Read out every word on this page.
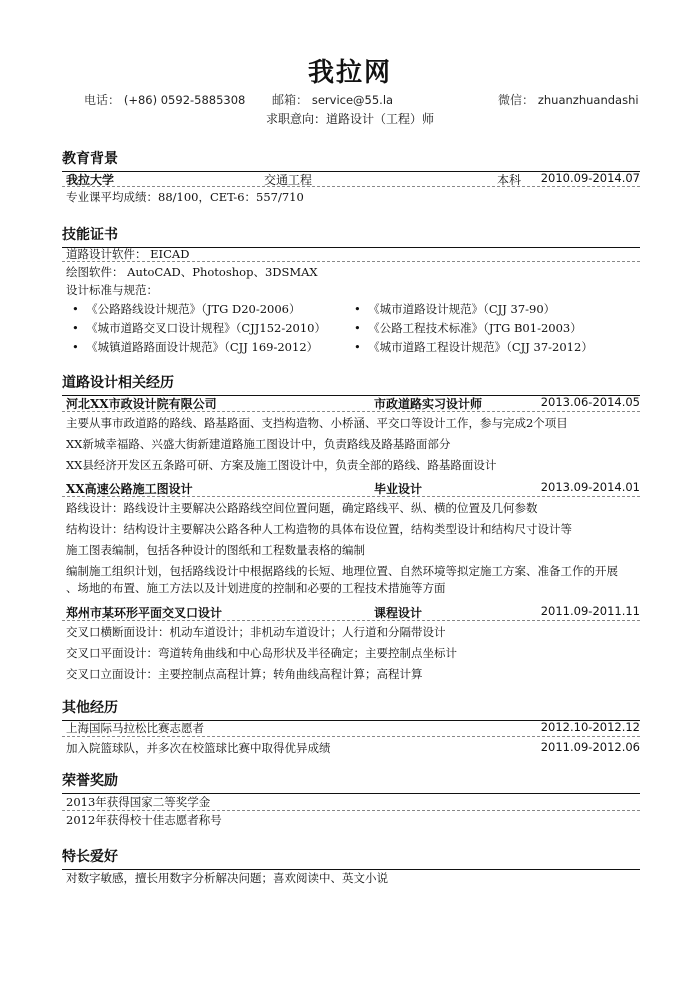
我拉网
电话： (+86) 0592-5885308 邮箱： service@55.la	微信： zhuanzhuandashi
求职意向：道路设计（工程）师
教育背景
我拉大学	交通工程	本科 2010.09-2014.07
专业课平均成绩：88/100，CET-6：557/710
技能证书
道路设计软件： EICAD
绘图软件： AutoCAD、Photoshop、3DSMAX
设计标准与规范：
• 《公路路线设计规范》（JTG D20-2006）
• 《城市道路交叉口设计规程》（CJJ152-2010）
• 《城镇道路路面设计规范》（CJJ 169-2012）
• 《城市道路设计规范》（CJJ 37-90）
• 《公路工程技术标准》（JTG B01-2003）
• 《城市道路工程设计规范》（CJJ 37-2012）
道路设计相关经历
河北XX市政设计院有限公司	市政道路实习设计师	2013.06-2014.05
主要从事市政道路的路线、路基路面、支挡构造物、小桥涵、平交口等设计工作，参与完成2个项目
XX新城幸福路、兴盛大街新建道路施工图设计中，负责路线及路基路面部分
XX县经济开发区五条路可研、方案及施工图设计中，负责全部的路线、路基路面设计
XX高速公路施工图设计	毕业设计	2013.09-2014.01
路线设计：路线设计主要解决公路路线空间位置问题，确定路线平、纵、横的位置及几何参数
结构设计：结构设计主要解决公路各种人工构造物的具体布设位置，结构类型设计和结构尺寸设计等
施工图表编制，包括各种设计的图纸和工程数量表格的编制
编制施工组织计划，包括路线设计中根据路线的长短、地理位置、自然环境等拟定施工方案、准备工作的开展
、场地的布置、施工方法以及计划进度的控制和必要的工程技术措施等方面
郑州市某环形平面交叉口设计	课程设计	2011.09-2011.11
交叉口横断面设计：机动车道设计；非机动车道设计；人行道和分隔带设计
交叉口平面设计：弯道转角曲线和中心岛形状及半径确定；主要控制点坐标计
交叉口立面设计：主要控制点高程计算；转角曲线高程计算；高程计算
其他经历
上海国际马拉松比赛志愿者	2012.10-2012.12
加入院篮球队，并多次在校篮球比赛中取得优异成绩	2011.09-2012.06
荣誉奖励
2013年获得国家二等奖学金
2012年获得校十佳志愿者称号
特长爱好
对数字敏感，擅长用数字分析解决问题；喜欢阅读中、英文小说
